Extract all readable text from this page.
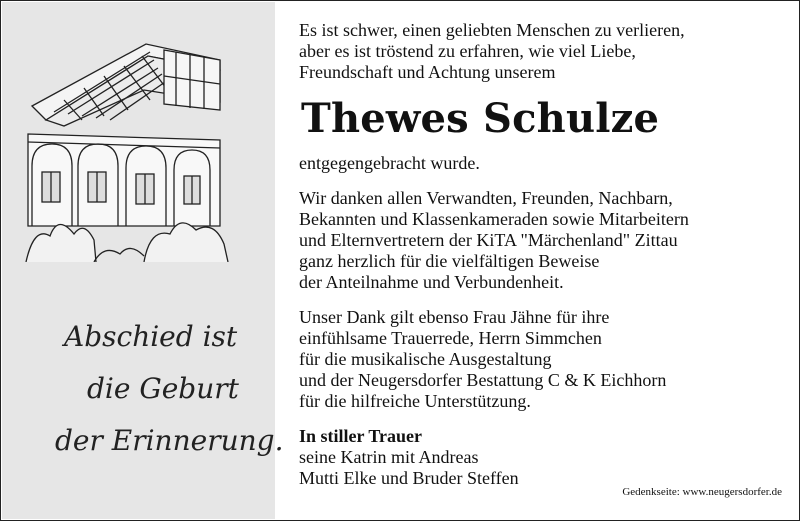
Abschied ist
die Geburt
der Erinnerung.

Es ist schwer, einen geliebten Menschen zu verlieren,

aber es ist tröstend zu erfahren, wie viel Liebe,

Freundschaft und Achtung unserem

Thewes Schulze

entgegengebracht wurde.

Wir danken allen Verwandten, Freunden, Nachbarn,

Bekannten und Klassenkameraden sowie Mitarbeitern

und Elternvertretern der KiTA "Märchenland" Zittau

ganz herzlich für die vielfältigen Beweise

der Anteilnahme und Verbundenheit.

Unser Dank gilt ebenso Frau Jähne für ihre

einfühlsame Trauerrede, Herrn Simmchen

für die musikalische Ausgestaltung

und der Neugersdorfer Bestattung C & K Eichhorn

für die hilfreiche Unterstützung.

In stiller Trauer

seine Katrin mit Andreas

Mutti Elke und Bruder Steffen

Gedenkseite: www.neugersdorfer.de
